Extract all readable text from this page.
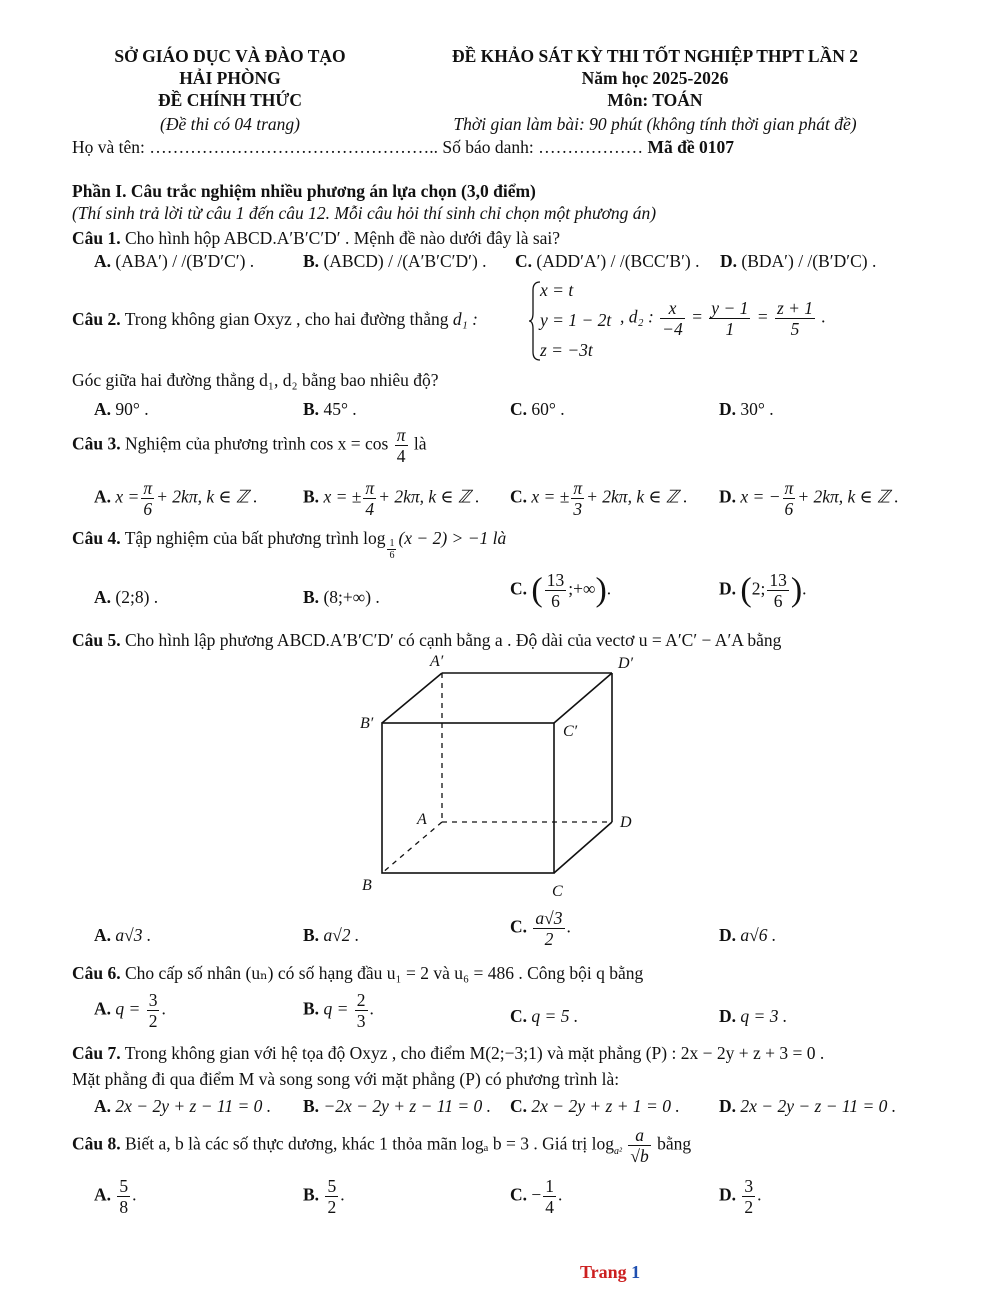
SỞ GIÁO DỤC VÀ ĐÀO TẠO
HẢI PHÒNG
ĐỀ CHÍNH THỨC
(Đề thi có 04 trang)
ĐỀ KHẢO SÁT KỲ THI TỐT NGHIỆP THPT LẦN 2
Năm học 2025-2026
Môn: TOÁN
Thời gian làm bài: 90 phút (không tính thời gian phát đề)
Họ và tên: ………………………………………….. Số báo danh: ……………… Mã đề 0107
Phần I. Câu trắc nghiệm nhiều phương án lựa chọn (3,0 điểm)
(Thí sinh trả lời từ câu 1 đến câu 12. Mỗi câu hỏi thí sinh chỉ chọn một phương án)
Câu 1. Cho hình hộp ABCD.A′B′C′D′ . Mệnh đề nào dưới đây là sai?
A. (ABA′) / /(B′D′C′) .	B. (ABCD) / /(A′B′C′D′) . C. (ADD′A′) / /(BCC′B′) . D. (BDA′) / /(B′D′C) .
Câu 2. Trong không gian Oxyz , cho hai đường thẳng d₁ :
x = t
y = 1 − 2t
z = −3t
, d₂ : $\frac{x}{-4} = \frac{y - 1}{1} = \frac{z + 1}{5}$ .
Góc giữa hai đường thẳng d₁, d₂ bằng bao nhiêu độ?
A. 90° .	B. 45° .	C. 60° .	D. 30° .
Câu 3. Nghiệm của phương trình $\cos x = \cos \frac{\pi}{4}$ là
A. $x = \frac{\pi}{6} + 2k\pi$, k ∈ ℤ .	B. x = ± $\frac{\pi}{4} + 2k\pi$, k ∈ ℤ . C. x = ± $\frac{\pi}{3} + 2k\pi$, k ∈ ℤ . D. x = − $\frac{\pi}{6} + 2k\pi$, k ∈ ℤ .
Câu 4. Tập nghiệm của bất phương trình $\log \frac{1}{6} (x - 2) > -1$ là
A. (2;8) .	B. (8;+∞) .	C. ( $\frac{13}{6}$ ;+∞).	D. (2; $\frac{13}{6}$ ).
Câu 5. Cho hình lập phương ABCD.A′B′C′D′ có cạnh bằng a . Độ dài của vectơ u = A′C′ − A′A bằng
A′	D′
B′	C′
A	D
B	C
A. a√3 .	B. a√2 .	C. $\frac{a√3}{2}$ .	D. a√6 .
Câu 6. Cho cấp số nhân (uₙ) có số hạng đầu u₁ = 2 và u₆ = 486 . Công bội q bằng
A. $q = \frac{3}{2}$ .	B. $q = \frac{2}{3}$ .	C. q = 5 .	D. q = 3 .
Câu 7. Trong không gian với hệ tọa độ Oxyz , cho điểm M(2;−3;1) và mặt phẳng (P) : 2x − 2y + z + 3 = 0 .
Mặt phẳng đi qua điểm M và song song với mặt phẳng (P) có phương trình là:
A. 2x − 2y + z − 11 = 0 . B. −2x − 2y + z − 11 = 0 . C. 2x − 2y + z + 1 = 0 . D. 2x − 2y − z − 11 = 0 .
Câu 8. Biết a, b là các số thực dương, khác 1 thỏa mãn logₐ b = 3 . Giá trị $\log_{a^2} \frac{a}{√b}$ bằng
A. $\frac{5}{8}$ .	B. $\frac{5}{2}$ .	C. − $\frac{1}{4}$ .	D. $\frac{3}{2}$ .
Trang 1
